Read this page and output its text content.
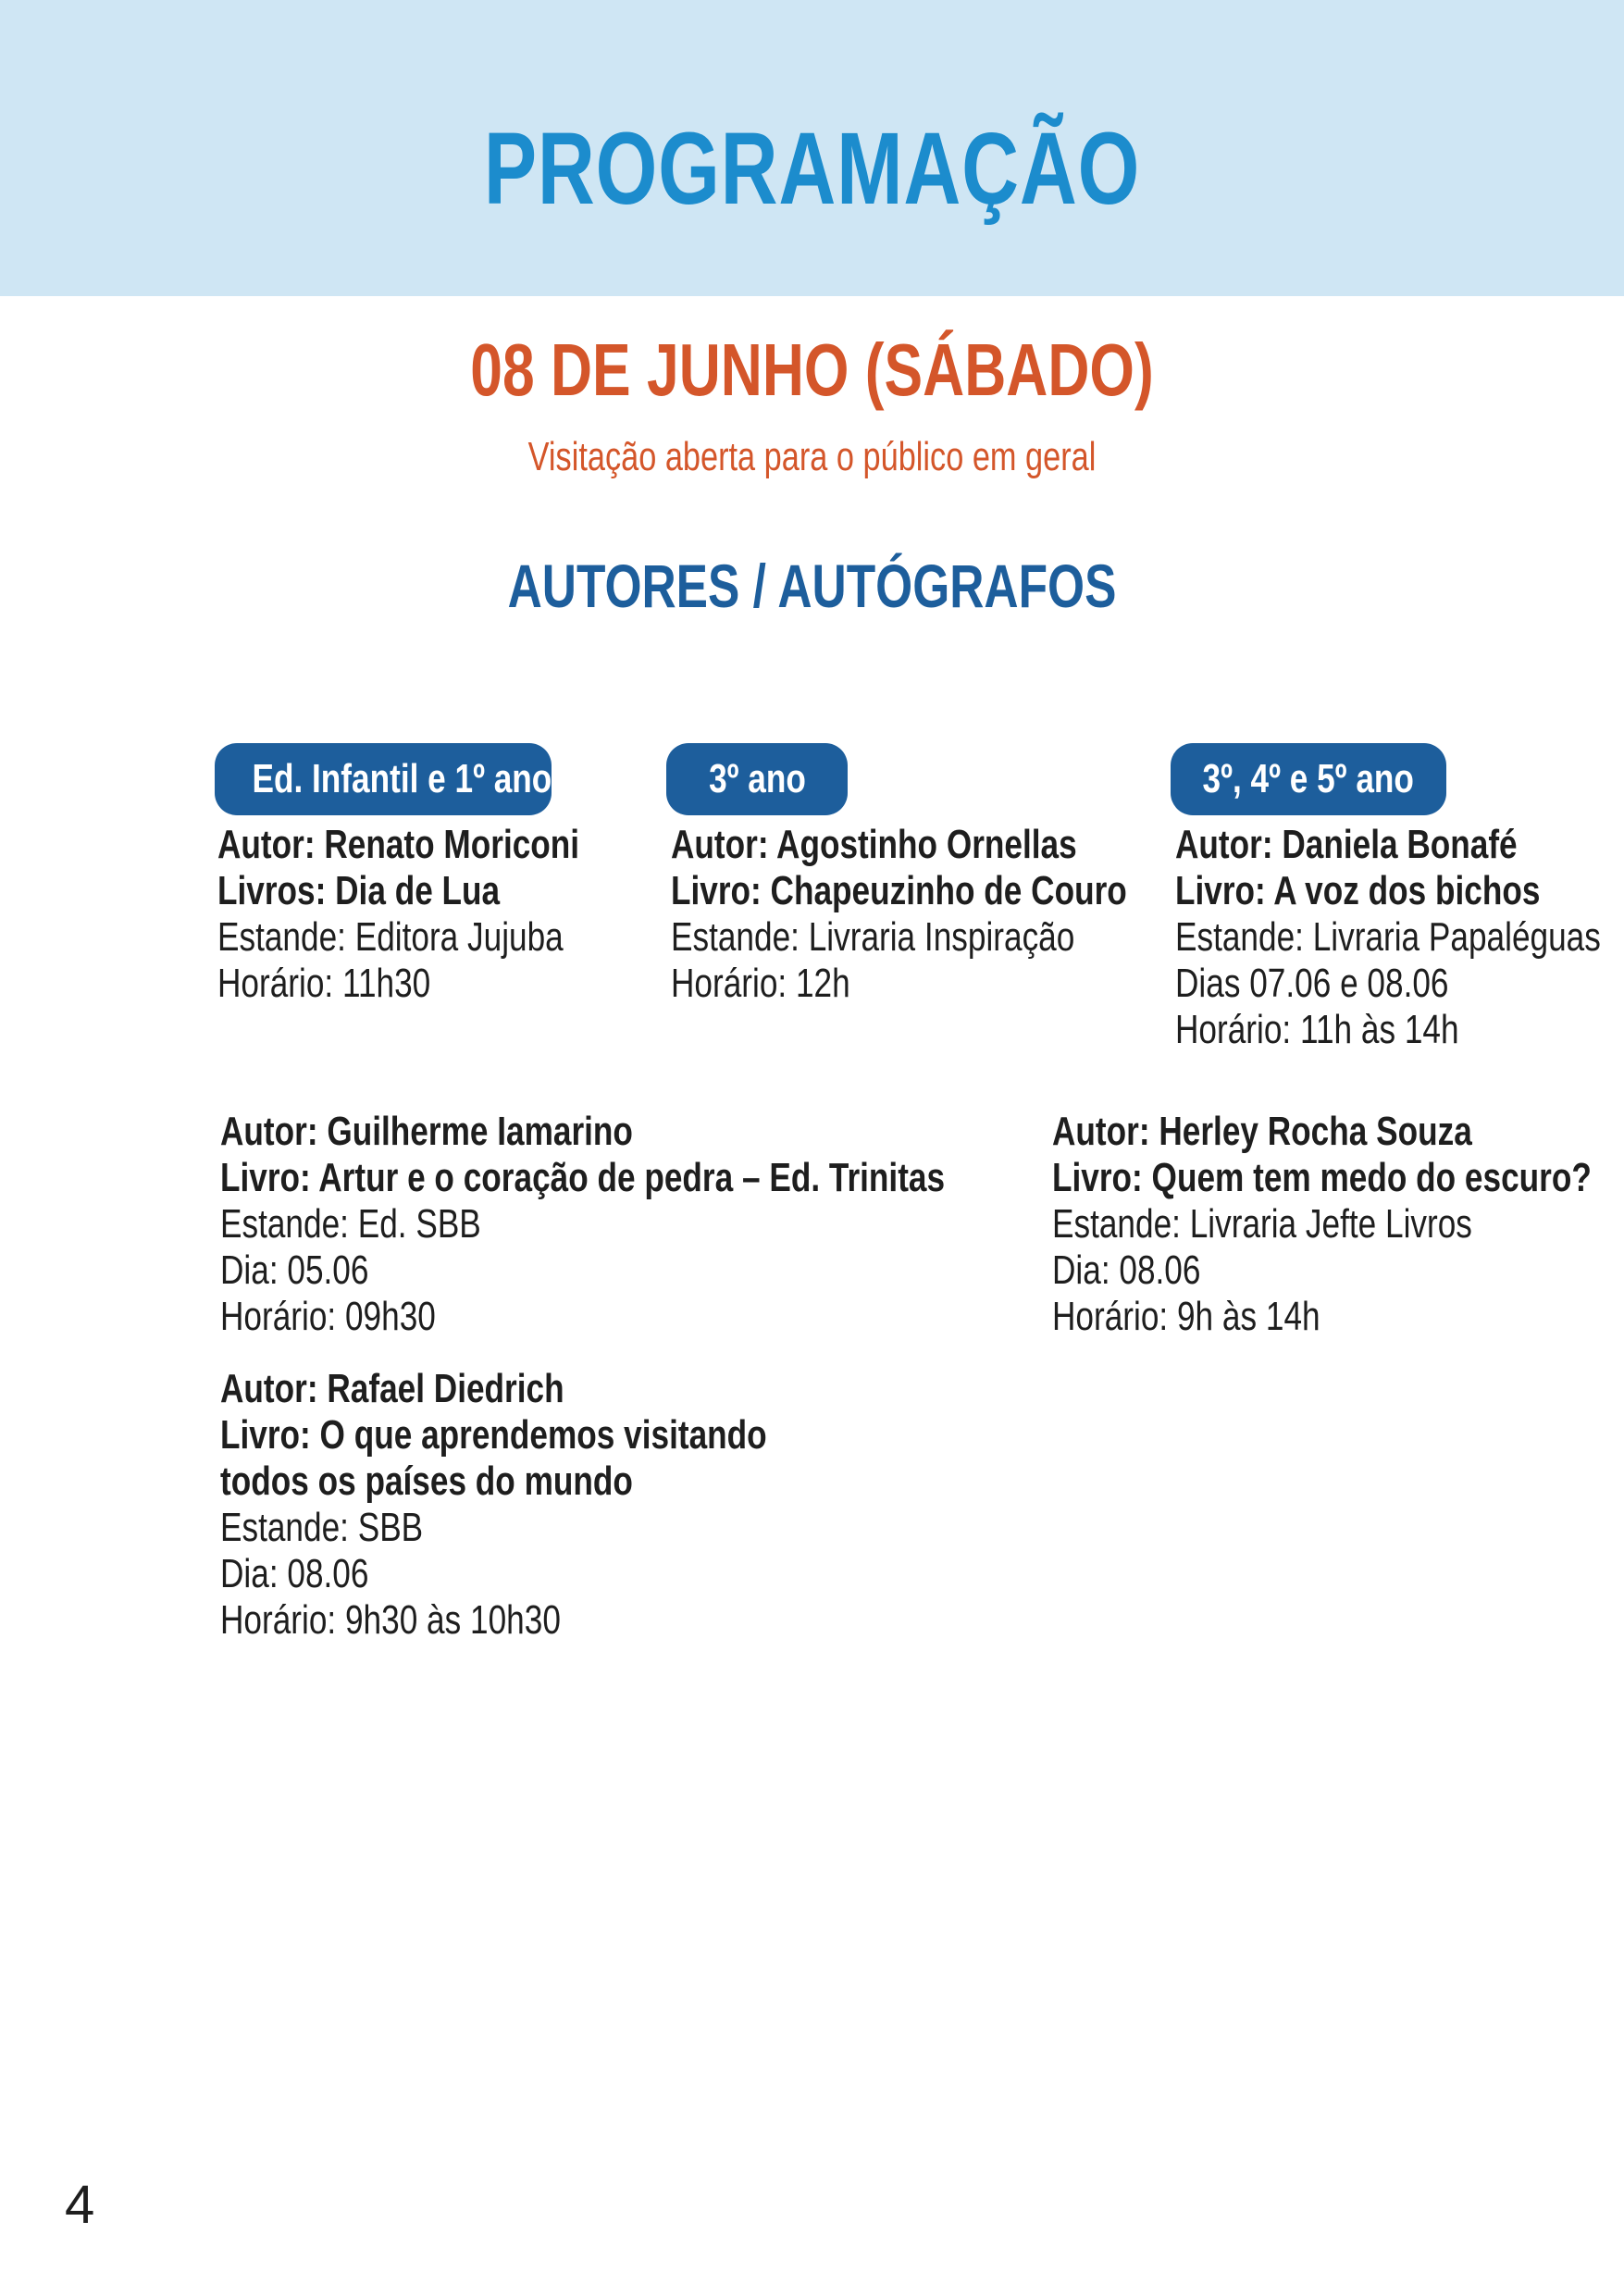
PROGRAMAÇÃO
08 DE JUNHO (SÁBADO)
Visitação aberta para o público em geral
AUTORES / AUTÓGRAFOS
Ed. Infantil e 1º ano
Autor: Renato Moriconi
Livros: Dia de Lua
Estande: Editora Jujuba
Horário: 11h30
3º ano
Autor: Agostinho Ornellas
Livro: Chapeuzinho de Couro
Estande: Livraria Inspiração
Horário: 12h
3º, 4º e 5º ano
Autor: Daniela Bonafé
Livro: A voz dos bichos
Estande: Livraria Papaléguas
Dias 07.06 e 08.06
Horário: 11h às 14h
Autor: Guilherme Iamarino
Livro: Artur e o coração de pedra – Ed. Trinitas
Estande: Ed. SBB
Dia: 05.06
Horário: 09h30
Autor: Herley Rocha Souza
Livro: Quem tem medo do escuro?
Estande: Livraria Jefte Livros
Dia: 08.06
Horário: 9h às 14h
Autor: Rafael Diedrich
Livro: O que aprendemos visitando
todos os países do mundo
Estande: SBB
Dia: 08.06
Horário: 9h30 às 10h30
4
